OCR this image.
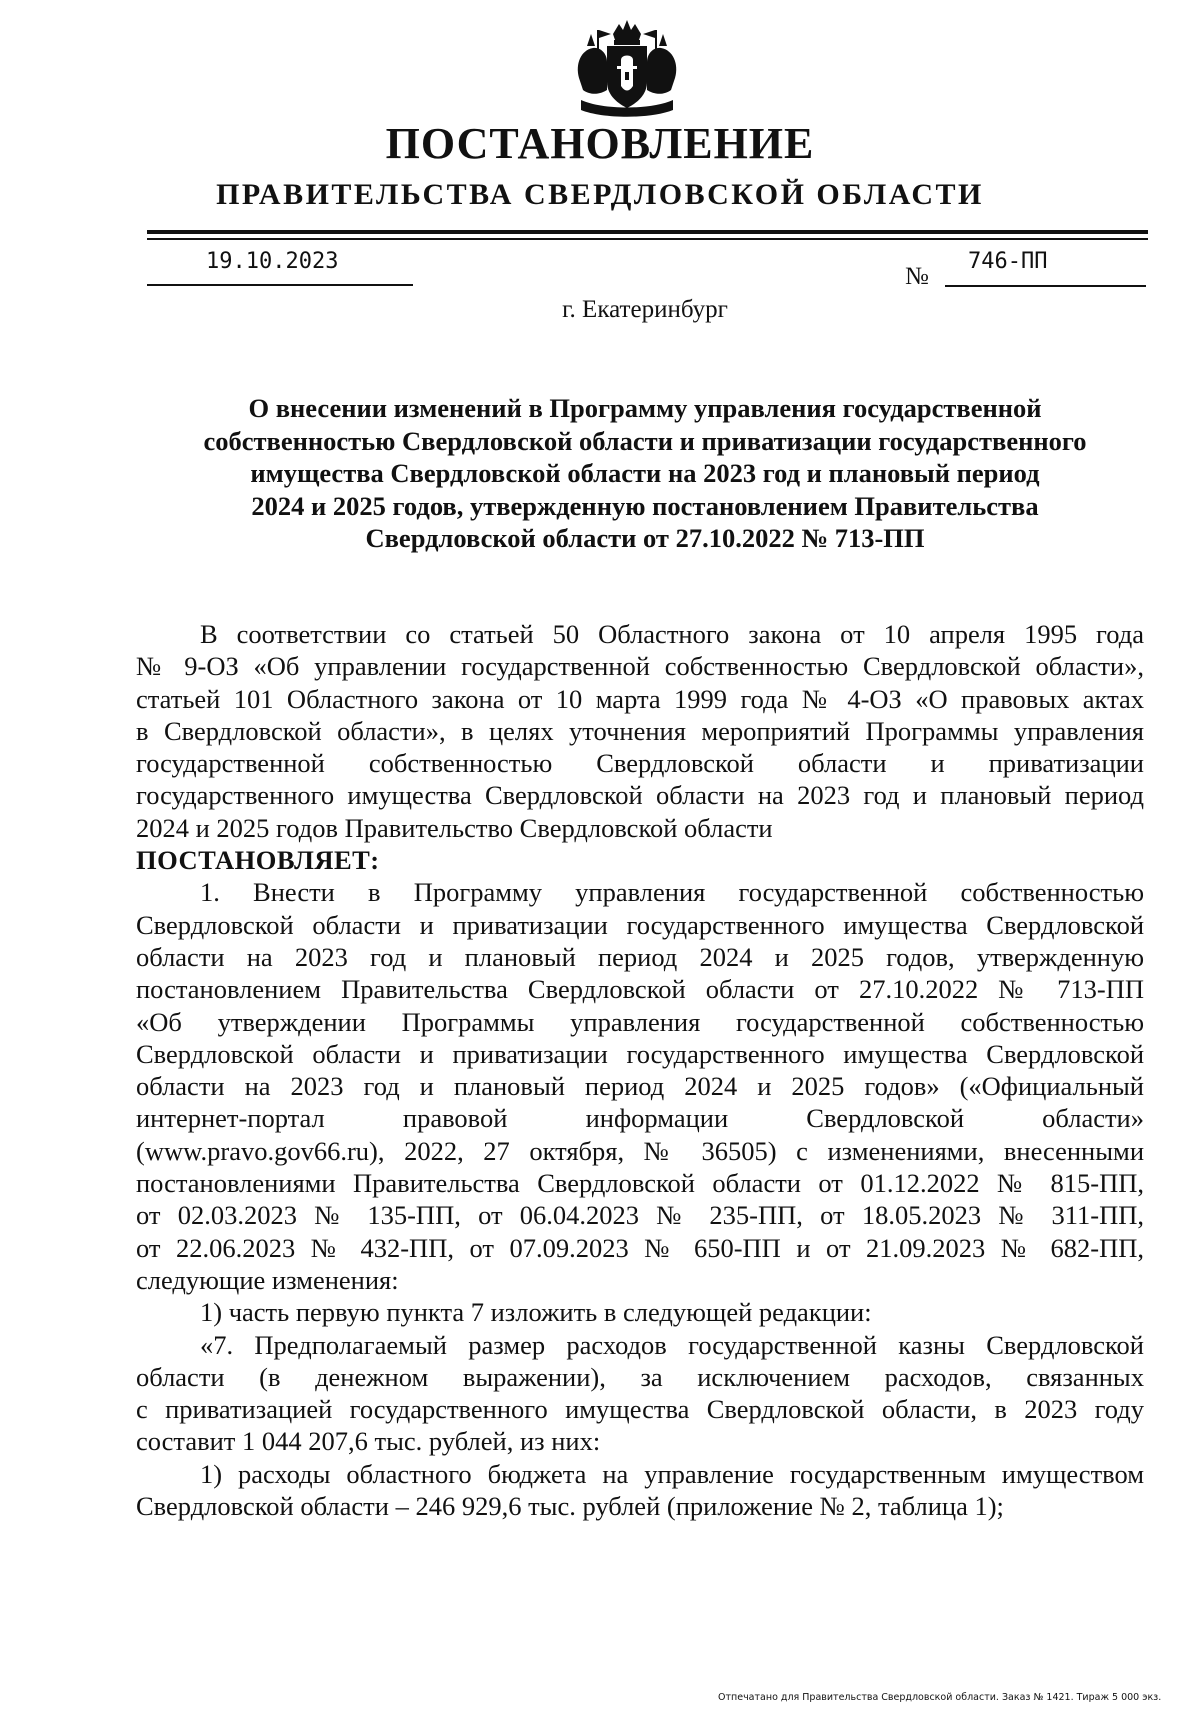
ПОСТАНОВЛЕНИЕ
ПРАВИТЕЛЬСТВА СВЕРДЛОВСКОЙ ОБЛАСТИ
19.10.2023
№
746-ПП
г. Екатеринбург
О внесении изменений в Программу управления государственной
собственностью Свердловской области и приватизации государственного
имущества Свердловской области на 2023 год и плановый период
2024 и 2025 годов, утвержденную постановлением Правительства
Свердловской области от 27.10.2022 № 713-ПП
В соответствии со статьей 50 Областного закона от 10 апреля 1995 года
№ 9-ОЗ «Об управлении государственной собственностью Свердловской области»,
статьей 101 Областного закона от 10 марта 1999 года № 4-ОЗ «О правовых актах
в Свердловской области», в целях уточнения мероприятий Программы управления
государственной собственностью Свердловской области и приватизации
государственного имущества Свердловской области на 2023 год и плановый период
2024 и 2025 годов Правительство Свердловской области
ПОСТАНОВЛЯЕТ:
1. Внести в Программу управления государственной собственностью
Свердловской области и приватизации государственного имущества Свердловской
области на 2023 год и плановый период 2024 и 2025 годов, утвержденную
постановлением Правительства Свердловской области от 27.10.2022 № 713-ПП
«Об утверждении Программы управления государственной собственностью
Свердловской области и приватизации государственного имущества Свердловской
области на 2023 год и плановый период 2024 и 2025 годов» («Официальный
интернет-портал правовой информации Свердловской области»
(www.pravo.gov66.ru), 2022, 27 октября, № 36505) с изменениями, внесенными
постановлениями Правительства Свердловской области от 01.12.2022 № 815-ПП,
от 02.03.2023 № 135-ПП, от 06.04.2023 № 235-ПП, от 18.05.2023 № 311-ПП,
от 22.06.2023 № 432-ПП, от 07.09.2023 № 650-ПП и от 21.09.2023 № 682-ПП,
следующие изменения:
1) часть первую пункта 7 изложить в следующей редакции:
«7. Предполагаемый размер расходов государственной казны Свердловской
области (в денежном выражении), за исключением расходов, связанных
с приватизацией государственного имущества Свердловской области, в 2023 году
составит 1 044 207,6 тыс. рублей, из них:
1) расходы областного бюджета на управление государственным имуществом
Свердловской области – 246 929,6 тыс. рублей (приложение № 2, таблица 1);
Отпечатано для Правительства Свердловской области. Заказ № 1421. Тираж 5 000 экз.
